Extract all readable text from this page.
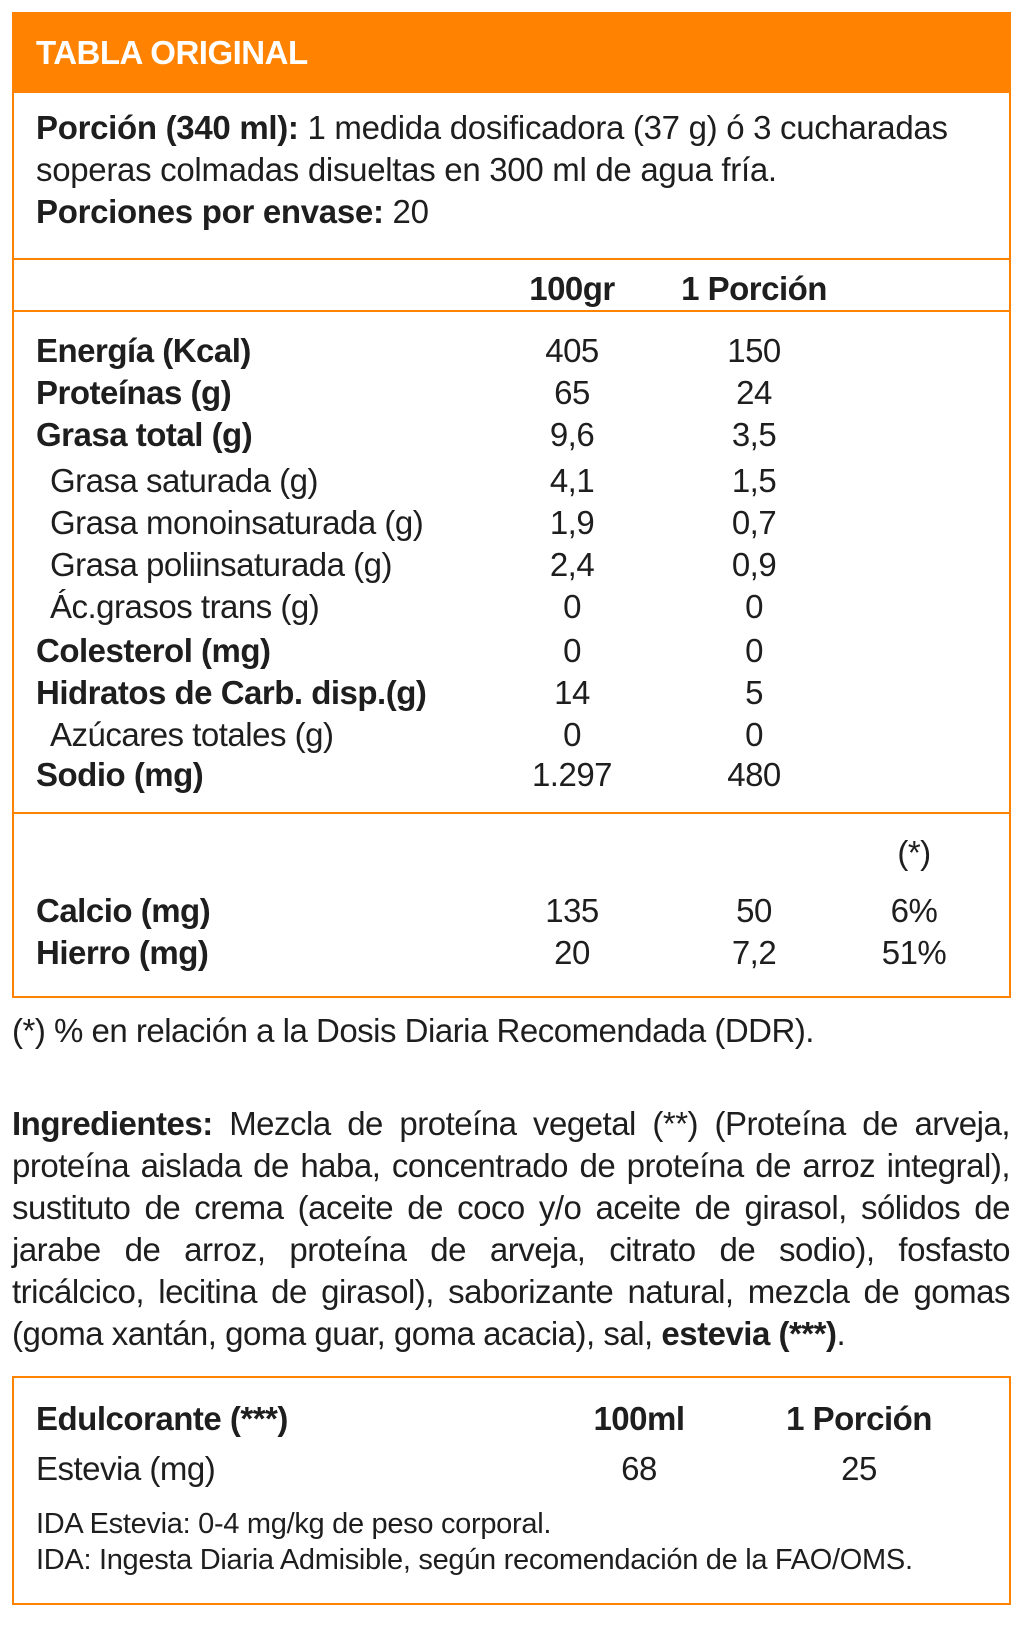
TABLA ORIGINAL
Porción (340 ml): 1 medida dosificadora (37 g) ó 3 cucharadas soperas colmadas disueltas en 300 ml de agua fría.
Porciones por envase: 20
100gr	1 Porción
Energía (Kcal)	405	150
Proteínas (g)	65	24
Grasa total (g)	9,6	3,5
Grasa saturada (g)	4,1	1,5
Grasa monoinsaturada (g)	1,9	0,7
Grasa poliinsaturada (g)	2,4	0,9
Ác.grasos trans (g)	0	0
Colesterol (mg)	0	0
Hidratos de Carb. disp.(g)	14	5
Azúcares totales (g)	0	0
Sodio (mg)	1.297	480
(*)
Calcio (mg)	135	50	6%
Hierro (mg)	20	7,2	51%
(*) % en relación a la Dosis Diaria Recomendada (DDR).
Ingredientes: Mezcla de proteína vegetal (**) (Proteína de arveja, proteína aislada de haba, concentrado de proteína de arroz integral), sustituto de crema (aceite de coco y/o aceite de girasol, sólidos de jarabe de arroz, proteína de arveja, citrato de sodio), fosfasto tricálcico, lecitina de girasol), saborizante natural, mezcla de gomas (goma xantán, goma guar, goma acacia), sal, estevia (***).
Edulcorante (***)	100ml	1 Porción
Estevia (mg)	68	25
IDA Estevia: 0-4 mg/kg de peso corporal.
IDA: Ingesta Diaria Admisible, según recomendación de la FAO/OMS.
